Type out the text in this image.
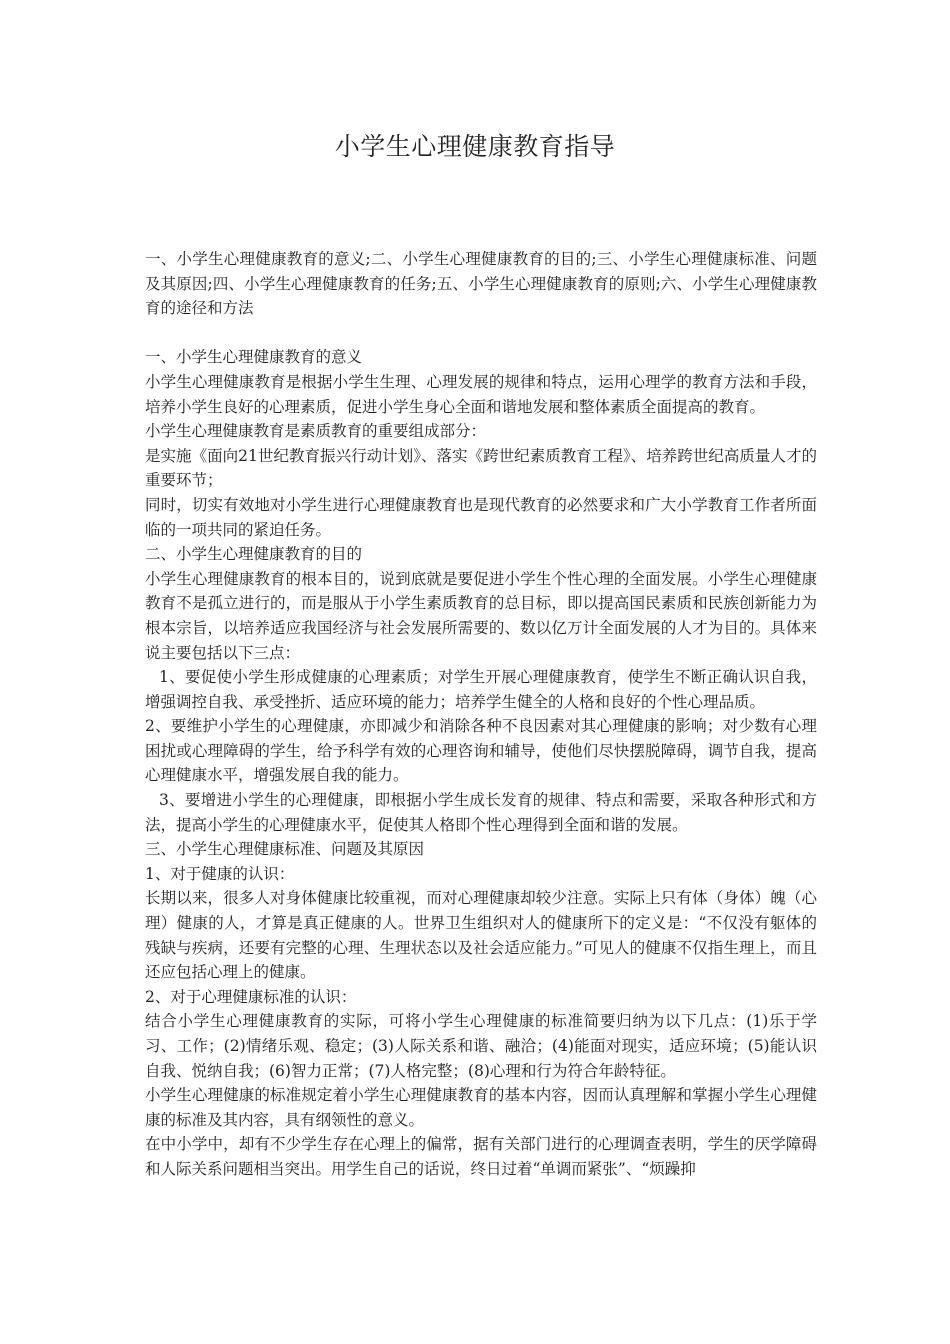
小学生心理健康教育指导

一、小学生心理健康教育的意义;二、小学生心理健康教育的目的;三、小学生心理健康标准、问题及其原因;四、小学生心理健康教育的任务;五、小学生心理健康教育的原则;六、小学生心理健康教育的途径和方法

一、小学生心理健康教育的意义

小学生心理健康教育是根据小学生生理、心理发展的规律和特点，运用心理学的教育方法和手段，培养小学生良好的心理素质，促进小学生身心全面和谐地发展和整体素质全面提高的教育。

小学生心理健康教育是素质教育的重要组成部分：

是实施《面向21世纪教育振兴行动计划》、落实《跨世纪素质教育工程》、培养跨世纪高质量人才的重要环节；

同时，切实有效地对小学生进行心理健康教育也是现代教育的必然要求和广大小学教育工作者所面临的一项共同的紧迫任务。

二、小学生心理健康教育的目的

小学生心理健康教育的根本目的，说到底就是要促进小学生个性心理的全面发展。小学生心理健康教育不是孤立进行的，而是服从于小学生素质教育的总目标，即以提高国民素质和民族创新能力为根本宗旨，以培养适应我国经济与社会发展所需要的、数以亿万计全面发展的人才为目的。具体来说主要包括以下三点：

1、要促使小学生形成健康的心理素质；对学生开展心理健康教育，使学生不断正确认识自我，增强调控自我、承受挫折、适应环境的能力；培养学生健全的人格和良好的个性心理品质。

2、要维护小学生的心理健康，亦即减少和消除各种不良因素对其心理健康的影响；对少数有心理困扰或心理障碍的学生，给予科学有效的心理咨询和辅导，使他们尽快摆脱障碍，调节自我，提高心理健康水平，增强发展自我的能力。

3、要增进小学生的心理健康，即根据小学生成长发育的规律、特点和需要，采取各种形式和方法，提高小学生的心理健康水平，促使其人格即个性心理得到全面和谐的发展。

三、小学生心理健康标准、问题及其原因

1、对于健康的认识：

长期以来，很多人对身体健康比较重视，而对心理健康却较少注意。实际上只有体（身体）魄（心理）健康的人，才算是真正健康的人。世界卫生组织对人的健康所下的定义是：“不仅没有躯体的残缺与疾病，还要有完整的心理、生理状态以及社会适应能力。”可见人的健康不仅指生理上，而且还应包括心理上的健康。

2、对于心理健康标准的认识：

结合小学生心理健康教育的实际，可将小学生心理健康的标准简要归纳为以下几点：(1)乐于学习、工作；(2)情绪乐观、稳定；(3)人际关系和谐、融洽；(4)能面对现实，适应环境；(5)能认识自我、悦纳自我；(6)智力正常；(7)人格完整；(8)心理和行为符合年龄特征。

小学生心理健康的标准规定着小学生心理健康教育的基本内容，因而认真理解和掌握小学生心理健康的标准及其内容，具有纲领性的意义。

在中小学中，却有不少学生存在心理上的偏常，据有关部门进行的心理调查表明，学生的厌学障碍和人际关系问题相当突出。用学生自己的话说，终日过着“单调而紧张”、“烦躁抑
